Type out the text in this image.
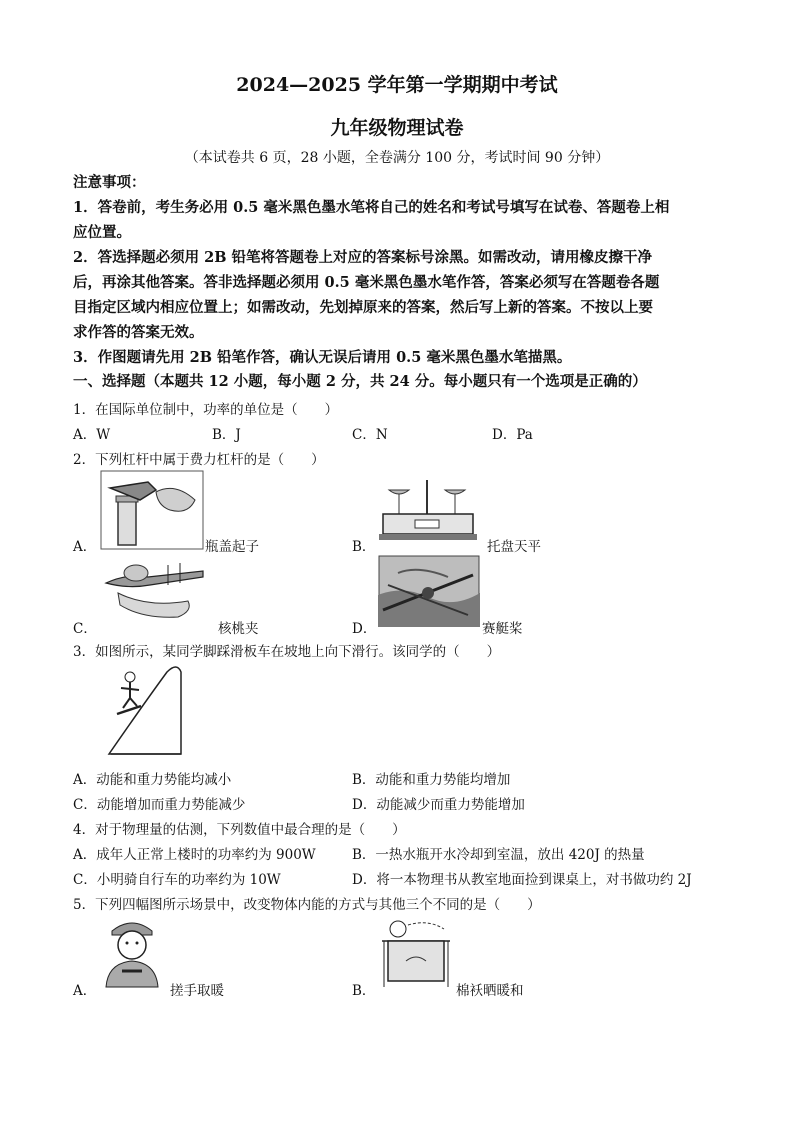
2024—2025 学年第一学期期中考试
九年级物理试卷
（本试卷共 6 页，28 小题，全卷满分 100 分，考试时间 90 分钟）
注意事项：
1．答卷前，考生务必用 0.5 毫米黑色墨水笔将自己的姓名和考试号填写在试卷、答题卷上相
应位置。
2．答选择题必须用 2B 铅笔将答题卷上对应的答案标号涂黑。如需改动，请用橡皮擦干净
后，再涂其他答案。答非选择题必须用 0.5 毫米黑色墨水笔作答，答案必须写在答题卷各题
目指定区域内相应位置上；如需改动，先划掉原来的答案，然后写上新的答案。不按以上要
求作答的答案无效。
3．作图题请先用 2B 铅笔作答，确认无误后请用 0.5 毫米黑色墨水笔描黑。
一、选择题（本题共 12 小题，每小题 2 分，共 24 分。每小题只有一个选项是正确的）
1．在国际单位制中，功率的单位是（　　）
A．W	B．J	C．N	D．Pa
2．下列杠杆中属于费力杠杆的是（　　）
A．	瓶盖起子	B．	托盘天平
C．	核桃夹	D．	赛艇桨
3．如图所示，某同学脚踩滑板车在坡地上向下滑行。该同学的（　　）
A．动能和重力势能均减小	B．动能和重力势能均增加
C．动能增加而重力势能减少	D．动能减少而重力势能增加
4．对于物理量的估测，下列数值中最合理的是（　　）
A．成年人正常上楼时的功率约为 900W	B．一热水瓶开水冷却到室温，放出 420J 的热量
C．小明骑自行车的功率约为 10W	D．将一本物理书从教室地面捡到课桌上，对书做功约 2J
5．下列四幅图所示场景中，改变物体内能的方式与其他三个不同的是（　　）
A．	搓手取暖	B．	棉袄晒暖和
